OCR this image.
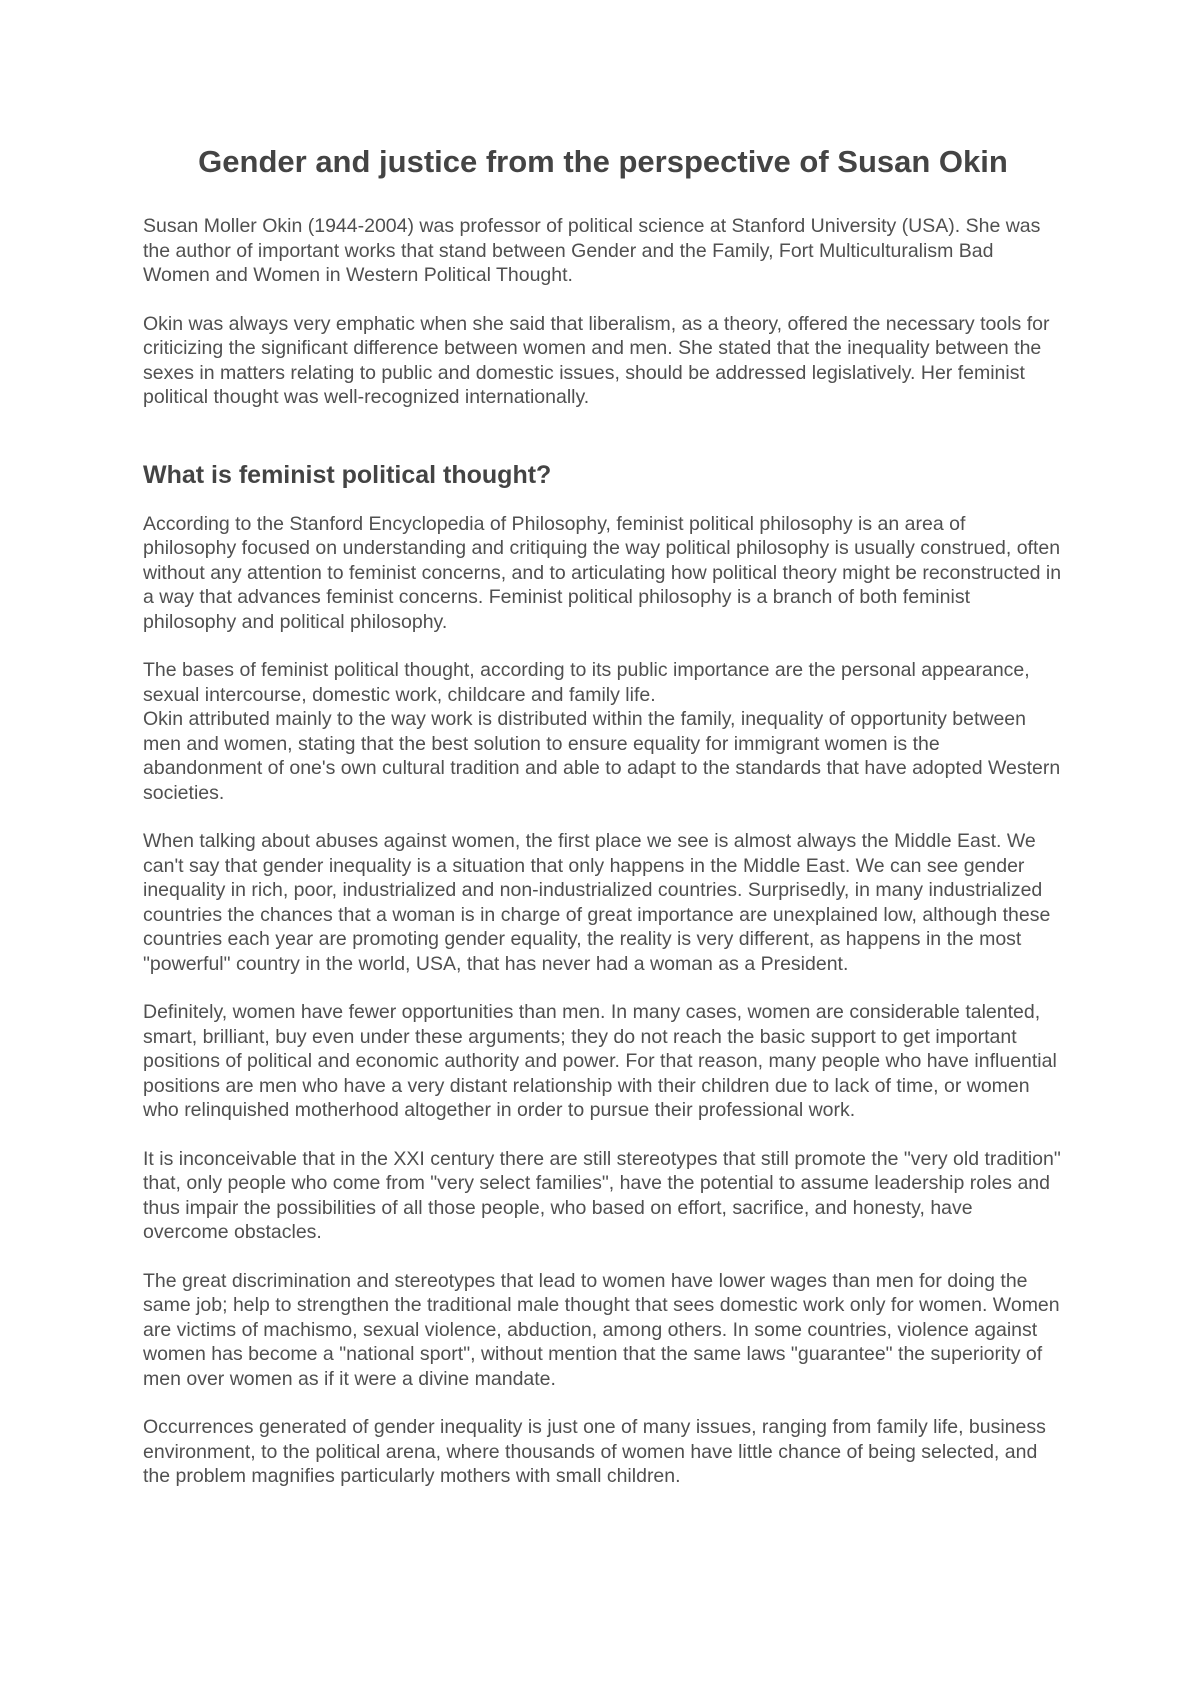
Gender and justice from the perspective of Susan Okin

Susan Moller Okin (1944-2004) was professor of political science at Stanford University (USA). She was the author of important works that stand between Gender and the Family, Fort Multiculturalism Bad Women and Women in Western Political Thought.

Okin was always very emphatic when she said that liberalism, as a theory, offered the necessary tools for criticizing the significant difference between women and men. She stated that the inequality between the sexes in matters relating to public and domestic issues, should be addressed legislatively. Her feminist political thought was well-recognized internationally.

What is feminist political thought?

According to the Stanford Encyclopedia of Philosophy, feminist political philosophy is an area of philosophy focused on understanding and critiquing the way political philosophy is usually construed, often without any attention to feminist concerns, and to articulating how political theory might be reconstructed in a way that advances feminist concerns. Feminist political philosophy is a branch of both feminist philosophy and political philosophy.

The bases of feminist political thought, according to its public importance are the personal appearance, sexual intercourse, domestic work, childcare and family life.

Okin attributed mainly to the way work is distributed within the family, inequality of opportunity between men and women, stating that the best solution to ensure equality for immigrant women is the abandonment of one's own cultural tradition and able to adapt to the standards that have adopted Western societies.

When talking about abuses against women, the first place we see is almost always the Middle East. We can't say that gender inequality is a situation that only happens in the Middle East. We can see gender inequality in rich, poor, industrialized and non-industrialized countries. Surprisedly, in many industrialized countries the chances that a woman is in charge of great importance are unexplained low, although these countries each year are promoting gender equality, the reality is very different, as happens in the most "powerful" country in the world, USA, that has never had a woman as a President.

Definitely, women have fewer opportunities than men. In many cases, women are considerable talented, smart, brilliant, buy even under these arguments; they do not reach the basic support to get important positions of political and economic authority and power. For that reason, many people who have influential positions are men who have a very distant relationship with their children due to lack of time, or women who relinquished motherhood altogether in order to pursue their professional work.

It is inconceivable that in the XXI century there are still stereotypes that still promote the "very old tradition" that, only people who come from "very select families", have the potential to assume leadership roles and thus impair the possibilities of all those people, who based on effort, sacrifice, and honesty, have overcome obstacles.

The great discrimination and stereotypes that lead to women have lower wages than men for doing the same job; help to strengthen the traditional male thought that sees domestic work only for women. Women are victims of machismo, sexual violence, abduction, among others. In some countries, violence against women has become a "national sport", without mention that the same laws "guarantee" the superiority of men over women as if it were a divine mandate.

Occurrences generated of gender inequality is just one of many issues, ranging from family life, business environment, to the political arena, where thousands of women have little chance of being selected, and the problem magnifies particularly mothers with small children.
